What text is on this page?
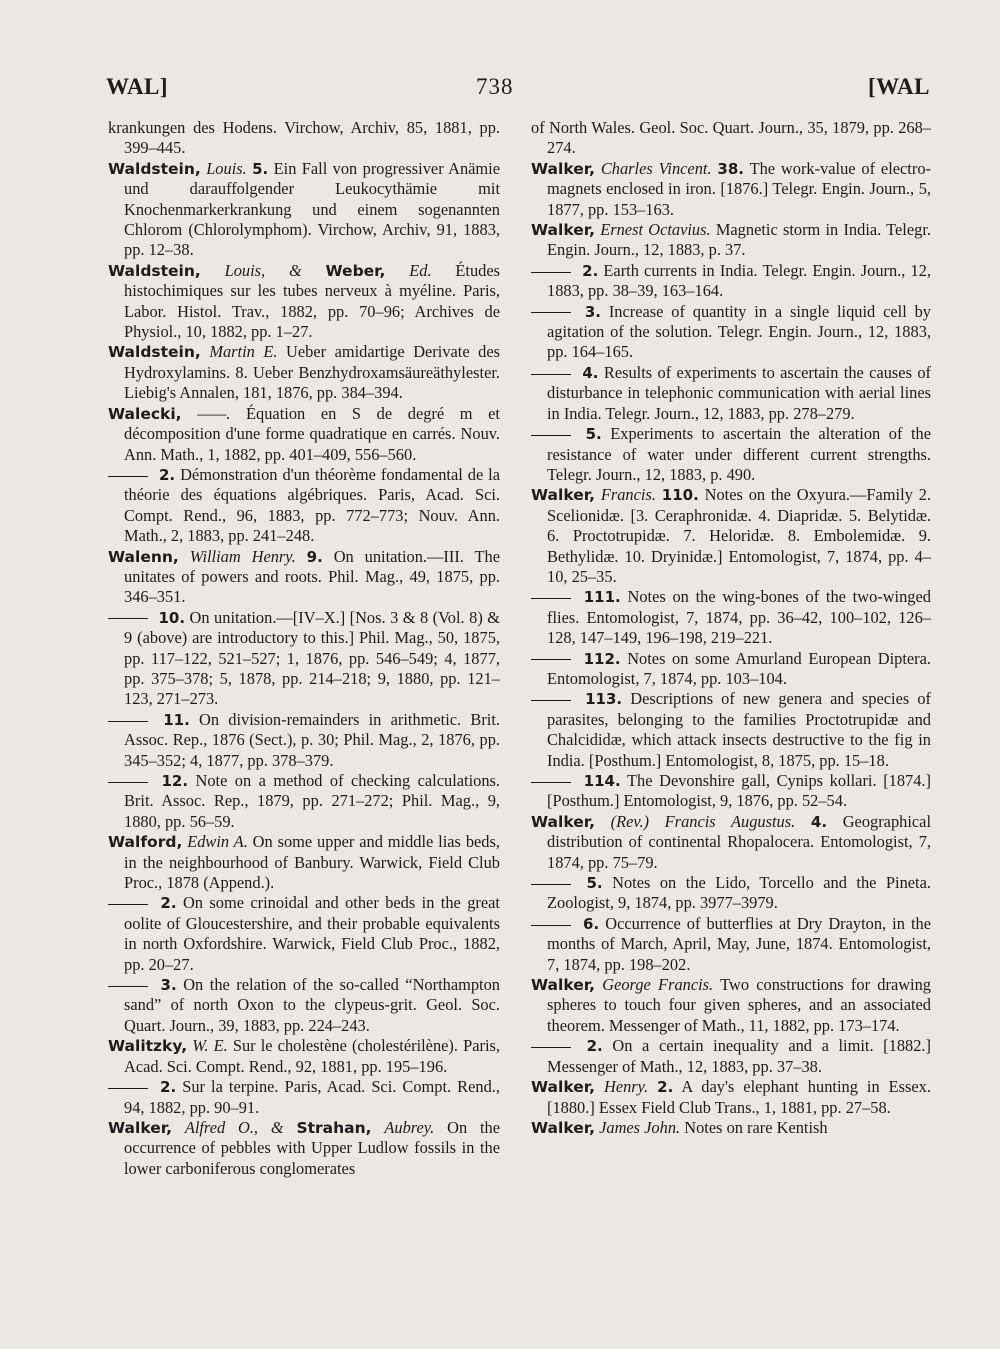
WAL]	738	[WAL

krankungen des Hodens. Virchow, Archiv, 85, 1881, pp. 399–445.

Waldstein, Louis. 5. Ein Fall von progressiver Anämie und darauffolgender Leukocythämie mit Knochenmarkerkrankung und einem sogenannten Chlorom (Chlorolymphom). Virchow, Archiv, 91, 1883, pp. 12–38.

Waldstein, Louis, & Weber, Ed. Études histochimiques sur les tubes nerveux à myéline. Paris, Labor. Histol. Trav., 1882, pp. 70–96; Archives de Physiol., 10, 1882, pp. 1–27.

Waldstein, Martin E. Ueber amidartige Derivate des Hydroxylamins. 8. Ueber Benzhydroxamsäureäthylester. Liebig's Annalen, 181, 1876, pp. 384–394.

Walecki, ——. Équation en S de degré m et décomposition d'une forme quadratique en carrés. Nouv. Ann. Math., 1, 1882, pp. 401–409, 556–560.

2. Démonstration d'un théorème fondamental de la théorie des équations algébriques. Paris, Acad. Sci. Compt. Rend., 96, 1883, pp. 772–773; Nouv. Ann. Math., 2, 1883, pp. 241–248.

Walenn, William Henry. 9. On unitation.—III. The unitates of powers and roots. Phil. Mag., 49, 1875, pp. 346–351.

10. On unitation.—[IV–X.] [Nos. 3 & 8 (Vol. 8) & 9 (above) are introductory to this.] Phil. Mag., 50, 1875, pp. 117–122, 521–527; 1, 1876, pp. 546–549; 4, 1877, pp. 375–378; 5, 1878, pp. 214–218; 9, 1880, pp. 121–123, 271–273.

11. On division-remainders in arithmetic. Brit. Assoc. Rep., 1876 (Sect.), p. 30; Phil. Mag., 2, 1876, pp. 345–352; 4, 1877, pp. 378–379.

12. Note on a method of checking calculations. Brit. Assoc. Rep., 1879, pp. 271–272; Phil. Mag., 9, 1880, pp. 56–59.

Walford, Edwin A. On some upper and middle lias beds, in the neighbourhood of Banbury. Warwick, Field Club Proc., 1878 (Append.).

2. On some crinoidal and other beds in the great oolite of Gloucestershire, and their probable equivalents in north Oxfordshire. Warwick, Field Club Proc., 1882, pp. 20–27.

3. On the relation of the so-called “Northampton sand” of north Oxon to the clypeus-grit. Geol. Soc. Quart. Journ., 39, 1883, pp. 224–243.

Walitzky, W. E. Sur le cholestène (cholestérilène). Paris, Acad. Sci. Compt. Rend., 92, 1881, pp. 195–196.

2. Sur la terpine. Paris, Acad. Sci. Compt. Rend., 94, 1882, pp. 90–91.

Walker, Alfred O., & Strahan, Aubrey. On the occurrence of pebbles with Upper Ludlow fossils in the lower carboniferous conglomerates

of North Wales. Geol. Soc. Quart. Journ., 35, 1879, pp. 268–274.

Walker, Charles Vincent. 38. The work-value of electro-magnets enclosed in iron. [1876.] Telegr. Engin. Journ., 5, 1877, pp. 153–163.

Walker, Ernest Octavius. Magnetic storm in India. Telegr. Engin. Journ., 12, 1883, p. 37.

2. Earth currents in India. Telegr. Engin. Journ., 12, 1883, pp. 38–39, 163–164.

3. Increase of quantity in a single liquid cell by agitation of the solution. Telegr. Engin. Journ., 12, 1883, pp. 164–165.

4. Results of experiments to ascertain the causes of disturbance in telephonic communication with aerial lines in India. Telegr. Journ., 12, 1883, pp. 278–279.

5. Experiments to ascertain the alteration of the resistance of water under different current strengths. Telegr. Journ., 12, 1883, p. 490.

Walker, Francis. 110. Notes on the Oxyura.—Family 2. Scelionidæ. [3. Ceraphronidæ. 4. Diapridæ. 5. Belytidæ. 6. Proctotrupidæ. 7. Heloridæ. 8. Embolemidæ. 9. Bethylidæ. 10. Dryinidæ.] Entomologist, 7, 1874, pp. 4–10, 25–35.

111. Notes on the wing-bones of the two-winged flies. Entomologist, 7, 1874, pp. 36–42, 100–102, 126–128, 147–149, 196–198, 219–221.

112. Notes on some Amurland European Diptera. Entomologist, 7, 1874, pp. 103–104.

113. Descriptions of new genera and species of parasites, belonging to the families Proctotrupidæ and Chalcididæ, which attack insects destructive to the fig in India. [Posthum.] Entomologist, 8, 1875, pp. 15–18.

114. The Devonshire gall, Cynips kollari. [1874.] [Posthum.] Entomologist, 9, 1876, pp. 52–54.

Walker, (Rev.) Francis Augustus. 4. Geographical distribution of continental Rhopalocera. Entomologist, 7, 1874, pp. 75–79.

5. Notes on the Lido, Torcello and the Pineta. Zoologist, 9, 1874, pp. 3977–3979.

6. Occurrence of butterflies at Dry Drayton, in the months of March, April, May, June, 1874. Entomologist, 7, 1874, pp. 198–202.

Walker, George Francis. Two constructions for drawing spheres to touch four given spheres, and an associated theorem. Messenger of Math., 11, 1882, pp. 173–174.

2. On a certain inequality and a limit. [1882.] Messenger of Math., 12, 1883, pp. 37–38.

Walker, Henry. 2. A day's elephant hunting in Essex. [1880.] Essex Field Club Trans., 1, 1881, pp. 27–58.

Walker, James John. Notes on rare Kentish
